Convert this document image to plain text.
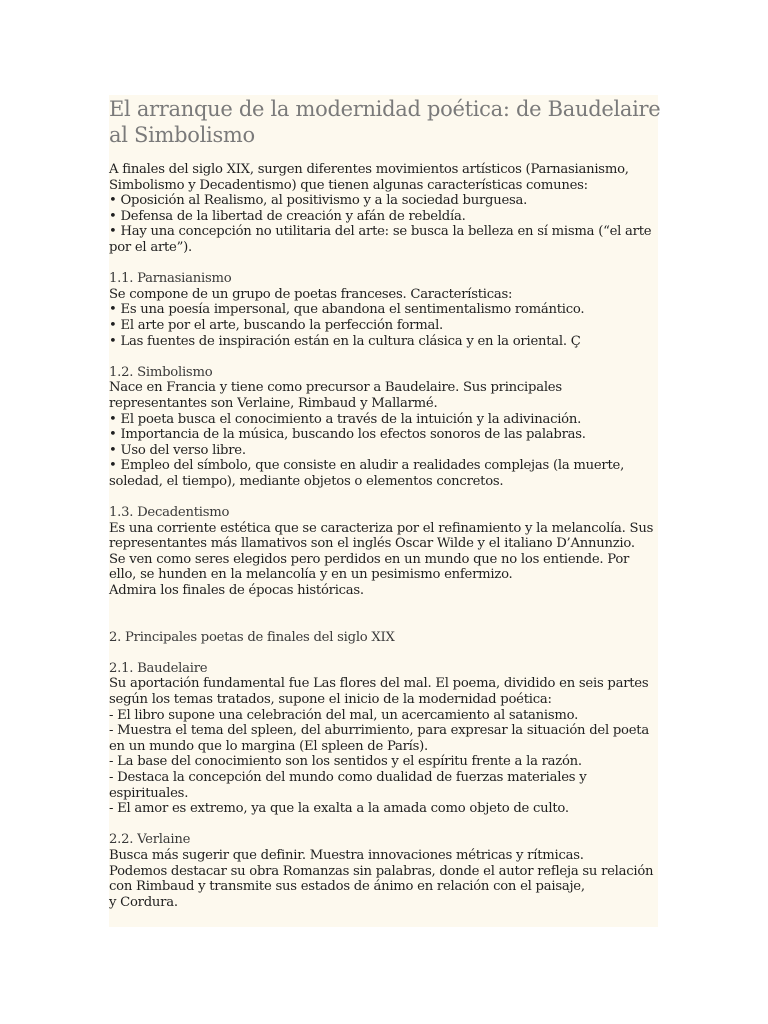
El arranque de la modernidad poética: de Baudelaire
al Simbolismo
A finales del siglo XIX, surgen diferentes movimientos artísticos (Parnasianismo,
Simbolismo y Decadentismo) que tienen algunas características comunes:
• Oposición al Realismo, al positivismo y a la sociedad burguesa.
• Defensa de la libertad de creación y afán de rebeldía.
• Hay una concepción no utilitaria del arte: se busca la belleza en sí misma (“el arte
por el arte”).
1.1. Parnasianismo
Se compone de un grupo de poetas franceses. Características:
• Es una poesía impersonal, que abandona el sentimentalismo romántico.
• El arte por el arte, buscando la perfección formal.
• Las fuentes de inspiración están en la cultura clásica y en la oriental. Ç
1.2. Simbolismo
Nace en Francia y tiene como precursor a Baudelaire. Sus principales
representantes son Verlaine, Rimbaud y Mallarmé.
• El poeta busca el conocimiento a través de la intuición y la adivinación.
• Importancia de la música, buscando los efectos sonoros de las palabras.
• Uso del verso libre.
• Empleo del símbolo, que consiste en aludir a realidades complejas (la muerte,
soledad, el tiempo), mediante objetos o elementos concretos.
1.3. Decadentismo
Es una corriente estética que se caracteriza por el refinamiento y la melancolía. Sus
representantes más llamativos son el inglés Oscar Wilde y el italiano D’Annunzio.
Se ven como seres elegidos pero perdidos en un mundo que no los entiende. Por
ello, se hunden en la melancolía y en un pesimismo enfermizo.
Admira los finales de épocas históricas.
2. Principales poetas de finales del siglo XIX
2.1. Baudelaire
Su aportación fundamental fue Las flores del mal. El poema, dividido en seis partes
según los temas tratados, supone el inicio de la modernidad poética:
- El libro supone una celebración del mal, un acercamiento al satanismo.
- Muestra el tema del spleen, del aburrimiento, para expresar la situación del poeta
en un mundo que lo margina (El spleen de París).
- La base del conocimiento son los sentidos y el espíritu frente a la razón.
- Destaca la concepción del mundo como dualidad de fuerzas materiales y
espirituales.
- El amor es extremo, ya que la exalta a la amada como objeto de culto.
2.2. Verlaine
Busca más sugerir que definir. Muestra innovaciones métricas y rítmicas.
Podemos destacar su obra Romanzas sin palabras, donde el autor refleja su relación
con Rimbaud y transmite sus estados de ánimo en relación con el paisaje,
y Cordura.
